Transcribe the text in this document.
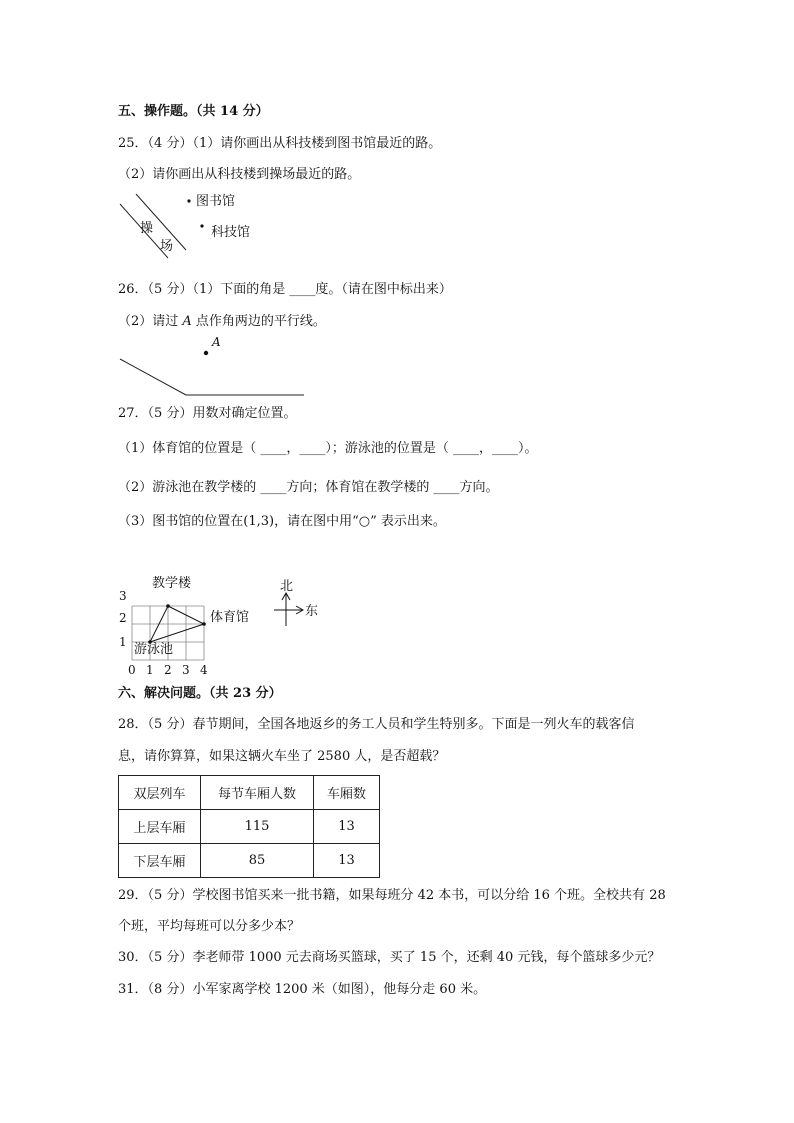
五、操作题。（共 14 分）
25．（4 分）（1）请你画出从科技楼到图书馆最近的路。
（2）请你画出从科技楼到操场最近的路。
操
场
图书馆
科技馆
26．（5 分）（1）下面的角是 ____度。（请在图中标出来）
（2）请过 A 点作角两边的平行线。
A
27．（5 分）用数对确定位置。
（1）体育馆的位置是（ ____，____）；游泳池的位置是（ ____，____）。
（2）游泳池在教学楼的 ____方向；体育馆在教学楼的 ____方向。
（3）图书馆的位置在(1,3)，请在图中用“○” 表示出来。
教学楼
体育馆
游泳池
0 1 2 3 4
1
2
3
北
东
六、解决问题。（共 23 分）
28．（5 分）春节期间，全国各地返乡的务工人员和学生特别多。下面是一列火车的载客信
息，请你算算，如果这辆火车坐了 2580 人，是否超载？
双层列车	每节车厢人数	车厢数
上层车厢	115	13
下层车厢	85	13
29．（5 分）学校图书馆买来一批书籍，如果每班分 42 本书，可以分给 16 个班。全校共有 28
个班，平均每班可以分多少本？
30．（5 分）李老师带 1000 元去商场买篮球，买了 15 个，还剩 40 元钱，每个篮球多少元？
31．（8 分）小军家离学校 1200 米（如图），他每分走 60 米。
